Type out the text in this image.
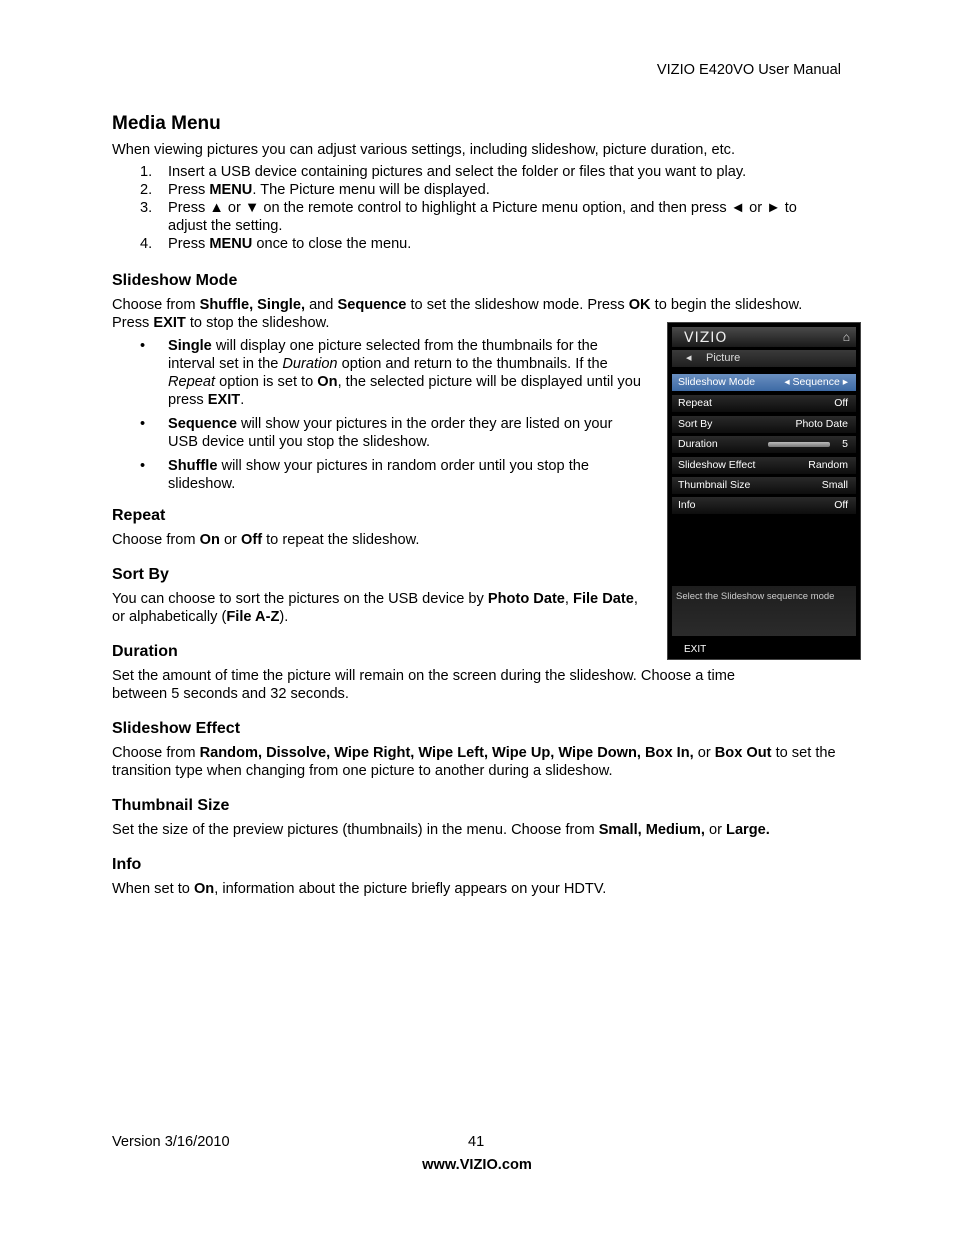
VIZIO E420VO User Manual
Media Menu

When viewing pictures you can adjust various settings, including slideshow, picture duration, etc.

1. Insert a USB device containing pictures and select the folder or files that you want to play.
2. Press MENU. The Picture menu will be displayed.
3. Press ▲ or ▼ on the remote control to highlight a Picture menu option, and then press ◄ or ► to adjust the setting.
4. Press MENU once to close the menu.
Slideshow Mode

Choose from Shuffle, Single, and Sequence to set the slideshow mode. Press OK to begin the slideshow. Press EXIT to stop the slideshow.

• Single will display one picture selected from the thumbnails for the interval set in the Duration option and return to the thumbnails. If the Repeat option is set to On, the selected picture will be displayed until you press EXIT.
• Sequence will show your pictures in the order they are listed on your USB device until you stop the slideshow.
• Shuffle will show your pictures in random order until you stop the slideshow.
Repeat

Choose from On or Off to repeat the slideshow.

Sort By

You can choose to sort the pictures on the USB device by Photo Date, File Date, or alphabetically (File A-Z).

Duration

Set the amount of time the picture will remain on the screen during the slideshow. Choose a time between 5 seconds and 32 seconds.

Slideshow Effect

Choose from Random, Dissolve, Wipe Right, Wipe Left, Wipe Up, Wipe Down, Box In, or Box Out to set the transition type when changing from one picture to another during a slideshow.

Thumbnail Size

Set the size of the preview pictures (thumbnails) in the menu. Choose from Small, Medium, or Large.

Info

When set to On, information about the picture briefly appears on your HDTV.

VIZIO	⌂
◂ Picture
Slideshow Mode	◂ Sequence ▸
Repeat	Off
Sort By	Photo Date
Duration	5
Slideshow Effect	Random
Thumbnail Size	Small
Info	Off
Select the Slideshow sequence mode
EXIT
Version 3/16/2010	41
www.VIZIO.com
